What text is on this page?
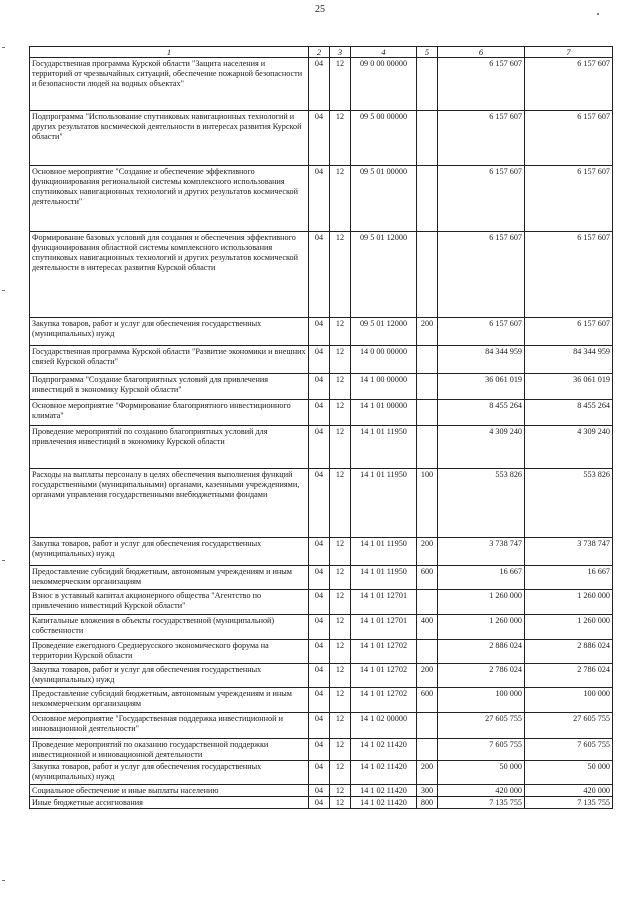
25
1	2	3	4	5	6	7
Государственная программа Курской области "Защита населения и территорий от чрезвычайных ситуаций, обеспечение пожарной безопасности и безопасности людей на водных объектах"	04	12	09 0 00 00000		6 157 607	6 157 607
Подпрограмма "Использование спутниковых навигационных технологий и других результатов космической деятельности в интересах развития Курской области"	04	12	09 5 00 00000		6 157 607	6 157 607
Основное мероприятие "Создание и обеспечение эффективного функционирования региональной системы комплексного использования спутниковых навигационных технологий и других результатов космической деятельности"	04	12	09 5 01 00000		6 157 607	6 157 607
Формирование базовых условий для создания и обеспечения эффективного функционирования областной системы комплексного использования спутниковых навигационных технологий и других результатов космической деятельности в интересах развития Курской области	04	12	09 5 01 12000		6 157 607	6 157 607
Закупка товаров, работ и услуг для обеспечения государственных (муниципальных) нужд	04	12	09 5 01 12000	200	6 157 607	6 157 607
Государственная программа Курской области "Развитие экономики и внешних связей Курской области"	04	12	14 0 00 00000		84 344 959	84 344 959
Подпрограмма "Создание благоприятных условий для привлечения инвестиций в экономику Курской области"	04	12	14 1 00 00000		36 061 019	36 061 019
Основное мероприятие "Формирование благоприятного инвестиционного климата"	04	12	14 1 01 00000		8 455 264	8 455 264
Проведение мероприятий по созданию благоприятных условий для привлечения инвестиций в экономику Курской области	04	12	14 1 01 11950		4 309 240	4 309 240
Расходы на выплаты персоналу в целях обеспечения выполнения функций государственными (муниципальными) органами, казенными учреждениями, органами управления государственными внебюджетными фондами	04	12	14 1 01 11950	100	553 826	553 826
Закупка товаров, работ и услуг для обеспечения государственных (муниципальных) нужд	04	12	14 1 01 11950	200	3 738 747	3 738 747
Предоставление субсидий бюджетным, автономным учреждениям и иным некоммерческим организациям	04	12	14 1 01 11950	600	16 667	16 667
Взнос в уставный капитал акционерного общества "Агентство по привлечению инвестиций Курской области"	04	12	14 1 01 12701		1 260 000	1 260 000
Капитальные вложения в объекты государственной (муниципальной) собственности	04	12	14 1 01 12701	400	1 260 000	1 260 000
Проведение ежегодного Среднерусского экономического форума на территории Курской области	04	12	14 1 01 12702		2 886 024	2 886 024
Закупка товаров, работ и услуг для обеспечения государственных (муниципальных) нужд	04	12	14 1 01 12702	200	2 786 024	2 786 024
Предоставление субсидий бюджетным, автономным учреждениям и иным некоммерческим организациям	04	12	14 1 01 12702	600	100 000	100 000
Основное мероприятие "Государственная поддержка инвестиционной и инновационной деятельности"	04	12	14 1 02 00000		27 605 755	27 605 755
Проведение мероприятий по оказанию государственной поддержки инвестиционной и инновационной деятельности	04	12	14 1 02 11420		7 605 755	7 605 755
Закупка товаров, работ и услуг для обеспечения государственных (муниципальных) нужд	04	12	14 1 02 11420	200	50 000	50 000
Социальное обеспечение и иные выплаты населению	04	12	14 1 02 11420	300	420 000	420 000
Иные бюджетные ассигнования	04	12	14 1 02 11420	800	7 135 755	7 135 755
